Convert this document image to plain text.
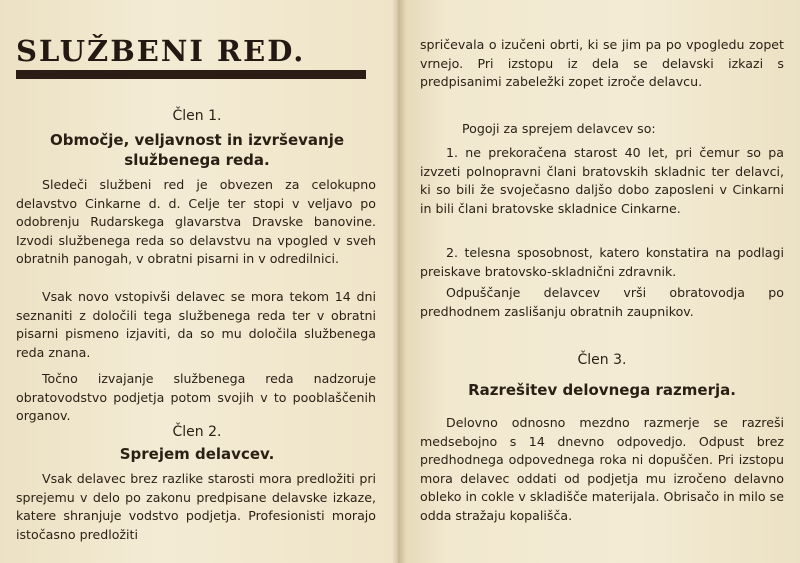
SLUŽBENI RED.
Člen 1.
Območje, veljavnost in izvrševanje službenega reda.

Sledeči službeni red je obvezen za celokupno delavstvo Cinkarne d. d. Celje ter stopi v veljavo po odobrenju Rudarskega glavarstva Dravske banovine. Izvodi službenega reda so delavstvu na vpogled v sveh obratnih panogah, v obratni pisarni in v odredilnici.

Vsak novo vstopivši delavec se mora tekom 14 dni seznaniti z določili tega službenega reda ter v obratni pisarni pismeno izjaviti, da so mu določila službenega reda znana.

Točno izvajanje službenega reda nadzoruje obratovodstvo podjetja potom svojih v to pooblaščenih organov.

Člen 2.
Sprejem delavcev.

Vsak delavec brez razlike starosti mora predložiti pri sprejemu v delo po zakonu predpisane delavske izkaze, katere shranjuje vodstvo podjetja. Profesionisti morajo istočasno predložiti

spričevala o izučeni obrti, ki se jim pa po vpogledu zopet vrnejo. Pri izstopu iz dela se delavski izkazi s predpisanimi zabeležki zopet izroče delavcu.

Pogoji za sprejem delavcev so:

1. ne prekoračena starost 40 let, pri čemur so pa izvzeti polnopravni člani bratovskih skladnic ter delavci, ki so bili že svoječasno daljšo dobo zaposleni v Cinkarni in bili člani bratovske skladnice Cinkarne.

2. telesna sposobnost, katero konstatira na podlagi preiskave bratovsko-skladnični zdravnik.

Odpuščanje delavcev vrši obratovodja po predhodnem zaslišanju obratnih zaupnikov.

Člen 3.
Razrešitev delovnega razmerja.

Delovno odnosno mezdno razmerje se razreši medsebojno s 14 dnevno odpovedjo. Odpust brez predhodnega odpovednega roka ni dopuščen. Pri izstopu mora delavec oddati od podjetja mu izročeno delavno obleko in cokle v skladišče materijala. Obrisačo in milo se odda stražaju kopališča.
